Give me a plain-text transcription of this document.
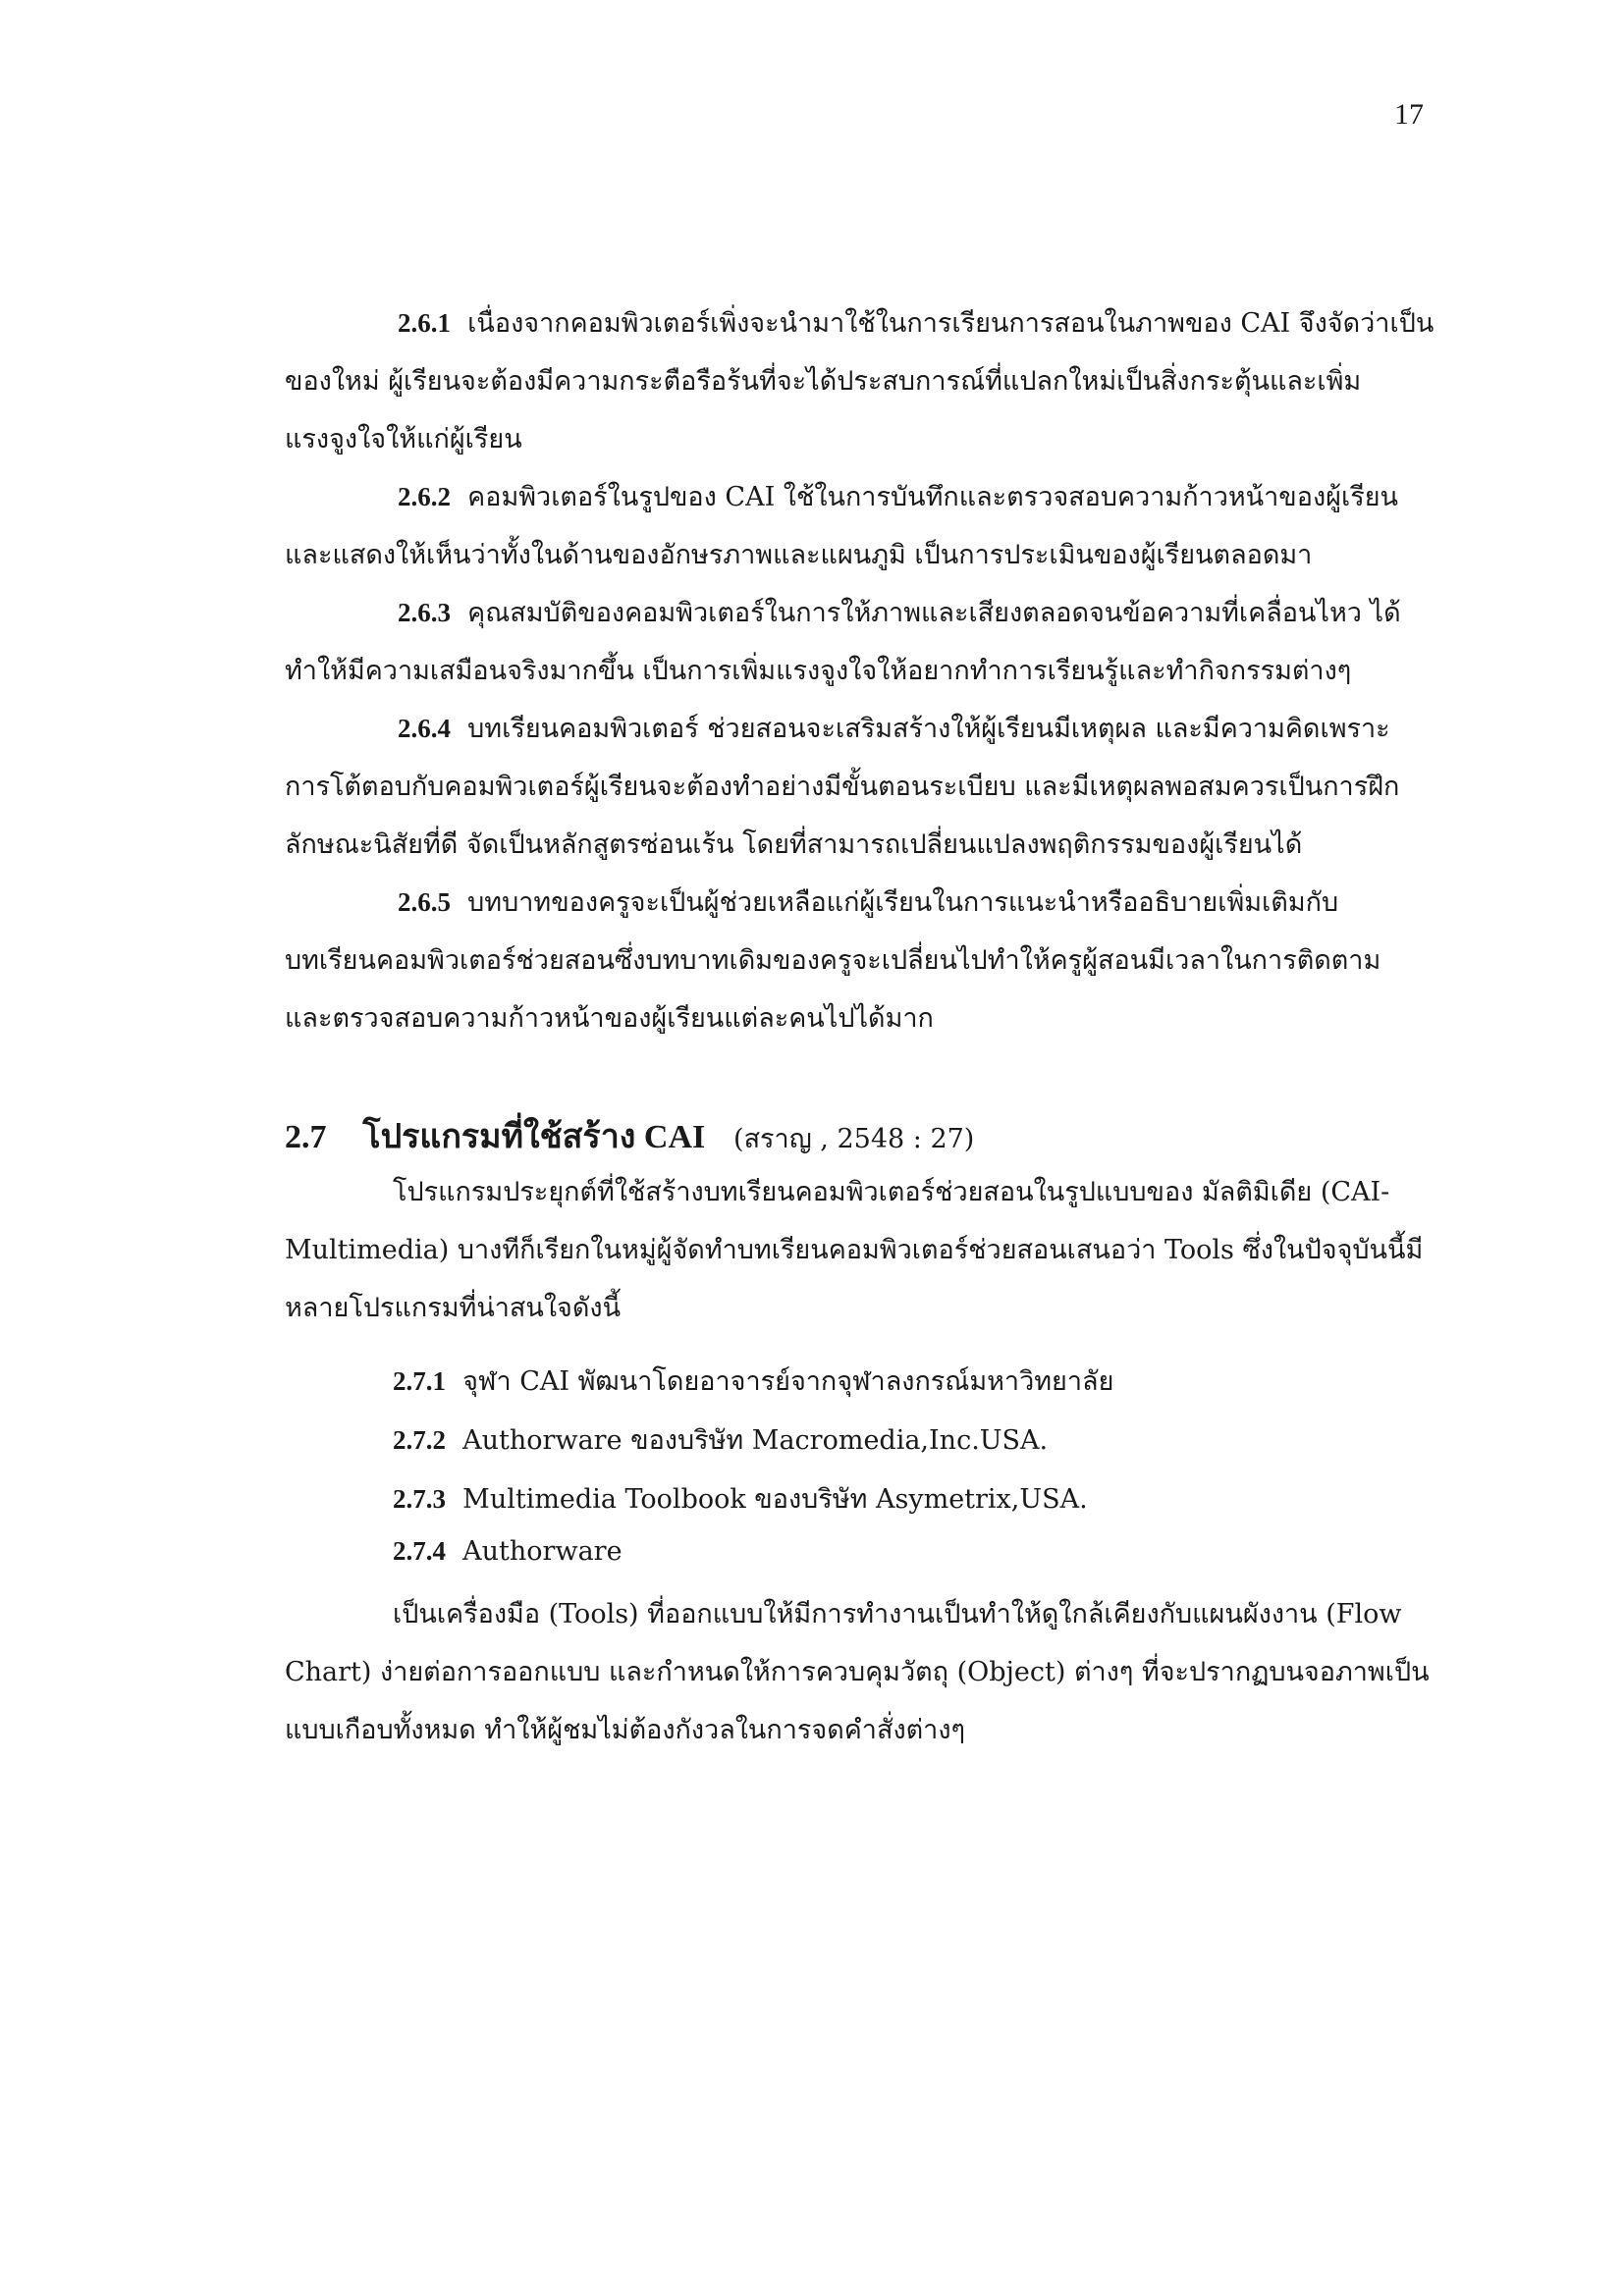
17

2.6.1 เนื่องจากคอมพิวเตอร์เพิ่งจะนำมาใช้ในการเรียนการสอนในภาพของ CAI จึงจัดว่าเป็น
ของใหม่ ผู้เรียนจะต้องมีความกระตือรือร้นที่จะได้ประสบการณ์ที่แปลกใหม่เป็นสิ่งกระตุ้นและเพิ่ม
แรงจูงใจให้แก่ผู้เรียน

2.6.2 คอมพิวเตอร์ในรูปของ CAI ใช้ในการบันทึกและตรวจสอบความก้าวหน้าของผู้เรียน
และแสดงให้เห็นว่าทั้งในด้านของอักษรภาพและแผนภูมิ เป็นการประเมินของผู้เรียนตลอดมา

2.6.3 คุณสมบัติของคอมพิวเตอร์ในการให้ภาพและเสียงตลอดจนข้อความที่เคลื่อนไหว ได้
ทำให้มีความเสมือนจริงมากขึ้น เป็นการเพิ่มแรงจูงใจให้อยากทำการเรียนรู้และทำกิจกรรมต่างๆ

2.6.4 บทเรียนคอมพิวเตอร์ ช่วยสอนจะเสริมสร้างให้ผู้เรียนมีเหตุผล และมีความคิดเพราะ
การโต้ตอบกับคอมพิวเตอร์ผู้เรียนจะต้องทำอย่างมีขั้นตอนระเบียบ และมีเหตุผลพอสมควรเป็นการฝึก
ลักษณะนิสัยที่ดี จัดเป็นหลักสูตรซ่อนเร้น โดยที่สามารถเปลี่ยนแปลงพฤติกรรมของผู้เรียนได้

2.6.5 บทบาทของครูจะเป็นผู้ช่วยเหลือแก่ผู้เรียนในการแนะนำหรืออธิบายเพิ่มเติมกับ
บทเรียนคอมพิวเตอร์ช่วยสอนซึ่งบทบาทเดิมของครูจะเปลี่ยนไปทำให้ครูผู้สอนมีเวลาในการติดตาม
และตรวจสอบความก้าวหน้าของผู้เรียนแต่ละคนไปได้มาก

2.7 โปรแกรมที่ใช้สร้าง CAI (สราญ , 2548 : 27)

โปรแกรมประยุกต์ที่ใช้สร้างบทเรียนคอมพิวเตอร์ช่วยสอนในรูปแบบของ มัลติมิเดีย (CAI-
Multimedia) บางทีก็เรียกในหมู่ผู้จัดทำบทเรียนคอมพิวเตอร์ช่วยสอนเสนอว่า Tools ซึ่งในปัจจุบันนี้มี
หลายโปรแกรมที่น่าสนใจดังนี้

2.7.1 จุฬา CAI พัฒนาโดยอาจารย์จากจุฬาลงกรณ์มหาวิทยาลัย
2.7.2 Authorware ของบริษัท Macromedia,Inc.USA.
2.7.3 Multimedia Toolbook ของบริษัท Asymetrix,USA.
2.7.4 Authorware

เป็นเครื่องมือ (Tools) ที่ออกแบบให้มีการทำงานเป็นทำให้ดูใกล้เคียงกับแผนผังงาน (Flow
Chart) ง่ายต่อการออกแบบ และกำหนดให้การควบคุมวัตถุ (Object) ต่างๆ ที่จะปรากฏบนจอภาพเป็น
แบบเกือบทั้งหมด ทำให้ผู้ชมไม่ต้องกังวลในการจดคำสั่งต่างๆ
